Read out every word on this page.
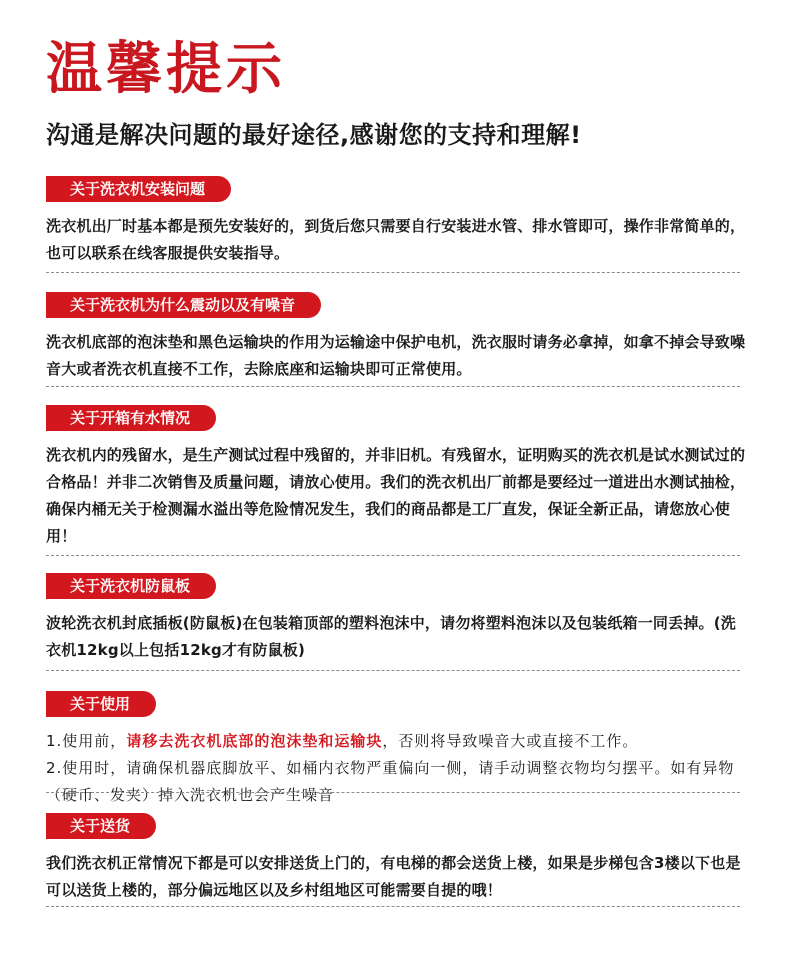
温馨提示
沟通是解决问题的最好途径,感谢您的支持和理解!
关于洗衣机安装问题
洗衣机出厂时基本都是预先安装好的，到货后您只需要自行安装进水管、排水管即可，操作非常简单的，也可以联系在线客服提供安装指导。
关于洗衣机为什么震动以及有噪音
洗衣机底部的泡沫垫和黑色运输块的作用为运输途中保护电机，洗衣服时请务必拿掉，如拿不掉会导致噪音大或者洗衣机直接不工作，去除底座和运输块即可正常使用。
关于开箱有水情况
洗衣机内的残留水，是生产测试过程中残留的，并非旧机。有残留水，证明购买的洗衣机是试水测试过的合格品！并非二次销售及质量问题，请放心使用。我们的洗衣机出厂前都是要经过一道进出水测试抽检，确保内桶无关于检测漏水溢出等危险情况发生，我们的商品都是工厂直发，保证全新正品，请您放心使用！
关于洗衣机防鼠板
波轮洗衣机封底插板(防鼠板)在包装箱顶部的塑料泡沫中，请勿将塑料泡沫以及包装纸箱一同丢掉。(洗衣机12kg以上包括12kg才有防鼠板)
关于使用

1.使用前，请移去洗衣机底部的泡沫垫和运输块，否则将导致噪音大或直接不工作。

2.使用时，请确保机器底脚放平、如桶内衣物严重偏向一侧，请手动调整衣物均匀摆平。如有异物（硬币、发夹）掉入洗衣机也会产生噪音

关于送货
我们洗衣机正常情况下都是可以安排送货上门的，有电梯的都会送货上楼，如果是步梯包含3楼以下也是可以送货上楼的，部分偏远地区以及乡村组地区可能需要自提的哦！
